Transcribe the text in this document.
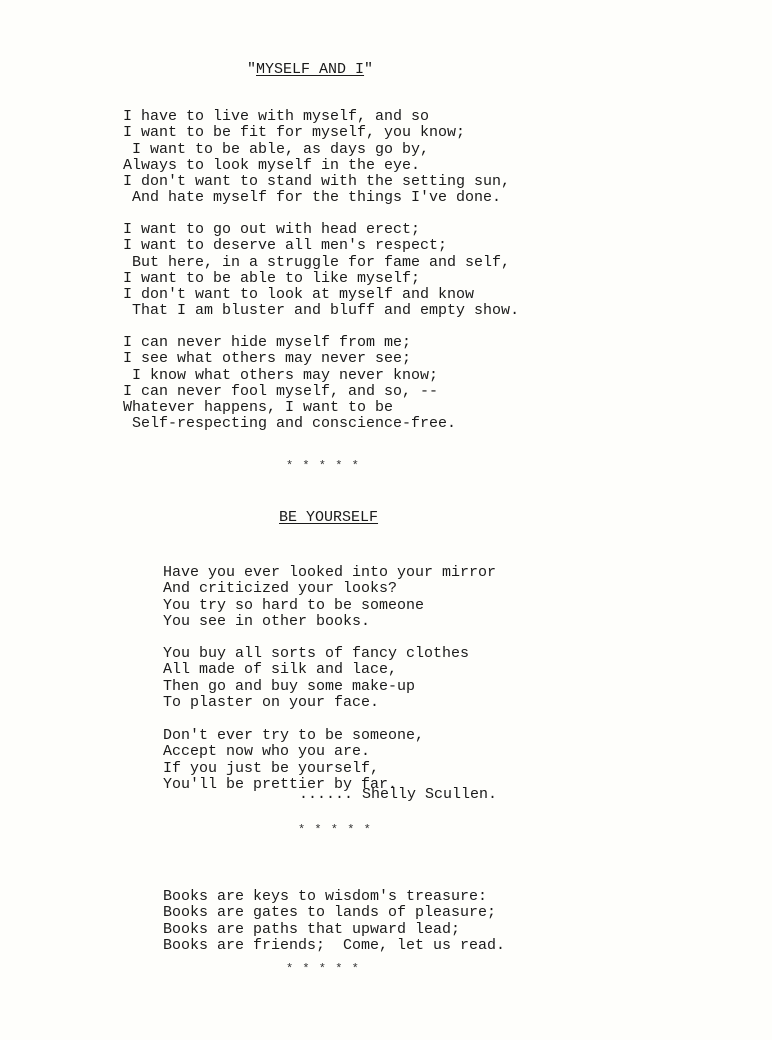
"MYSELF AND I"

I have to live with myself, and so
I want to be fit for myself, you know;
I want to be able, as days go by,
Always to look myself in the eye.
I don't want to stand with the setting sun,
And hate myself for the things I've done.

I want to go out with head erect;
I want to deserve all men's respect;
But here, in a struggle for fame and self,
I want to be able to like myself;
I don't want to look at myself and know
That I am bluster and bluff and empty show.

I can never hide myself from me;
I see what others may never see;
I know what others may never know;
I can never fool myself, and so, --
Whatever happens, I want to be
Self-respecting and conscience-free.
* * * * *
BE YOURSELF

Have you ever looked into your mirror
And criticized your looks?
You try so hard to be someone
You see in other books.

You buy all sorts of fancy clothes
All made of silk and lace,
Then go and buy some make-up
To plaster on your face.

Don't ever try to be someone,
Accept now who you are.
If you just be yourself,
You'll be prettier by far.
...... Shelly Scullen.
* * * * *

Books are keys to wisdom's treasure:
Books are gates to lands of pleasure;
Books are paths that upward lead;
Books are friends;  Come, let us read.
* * * * *
